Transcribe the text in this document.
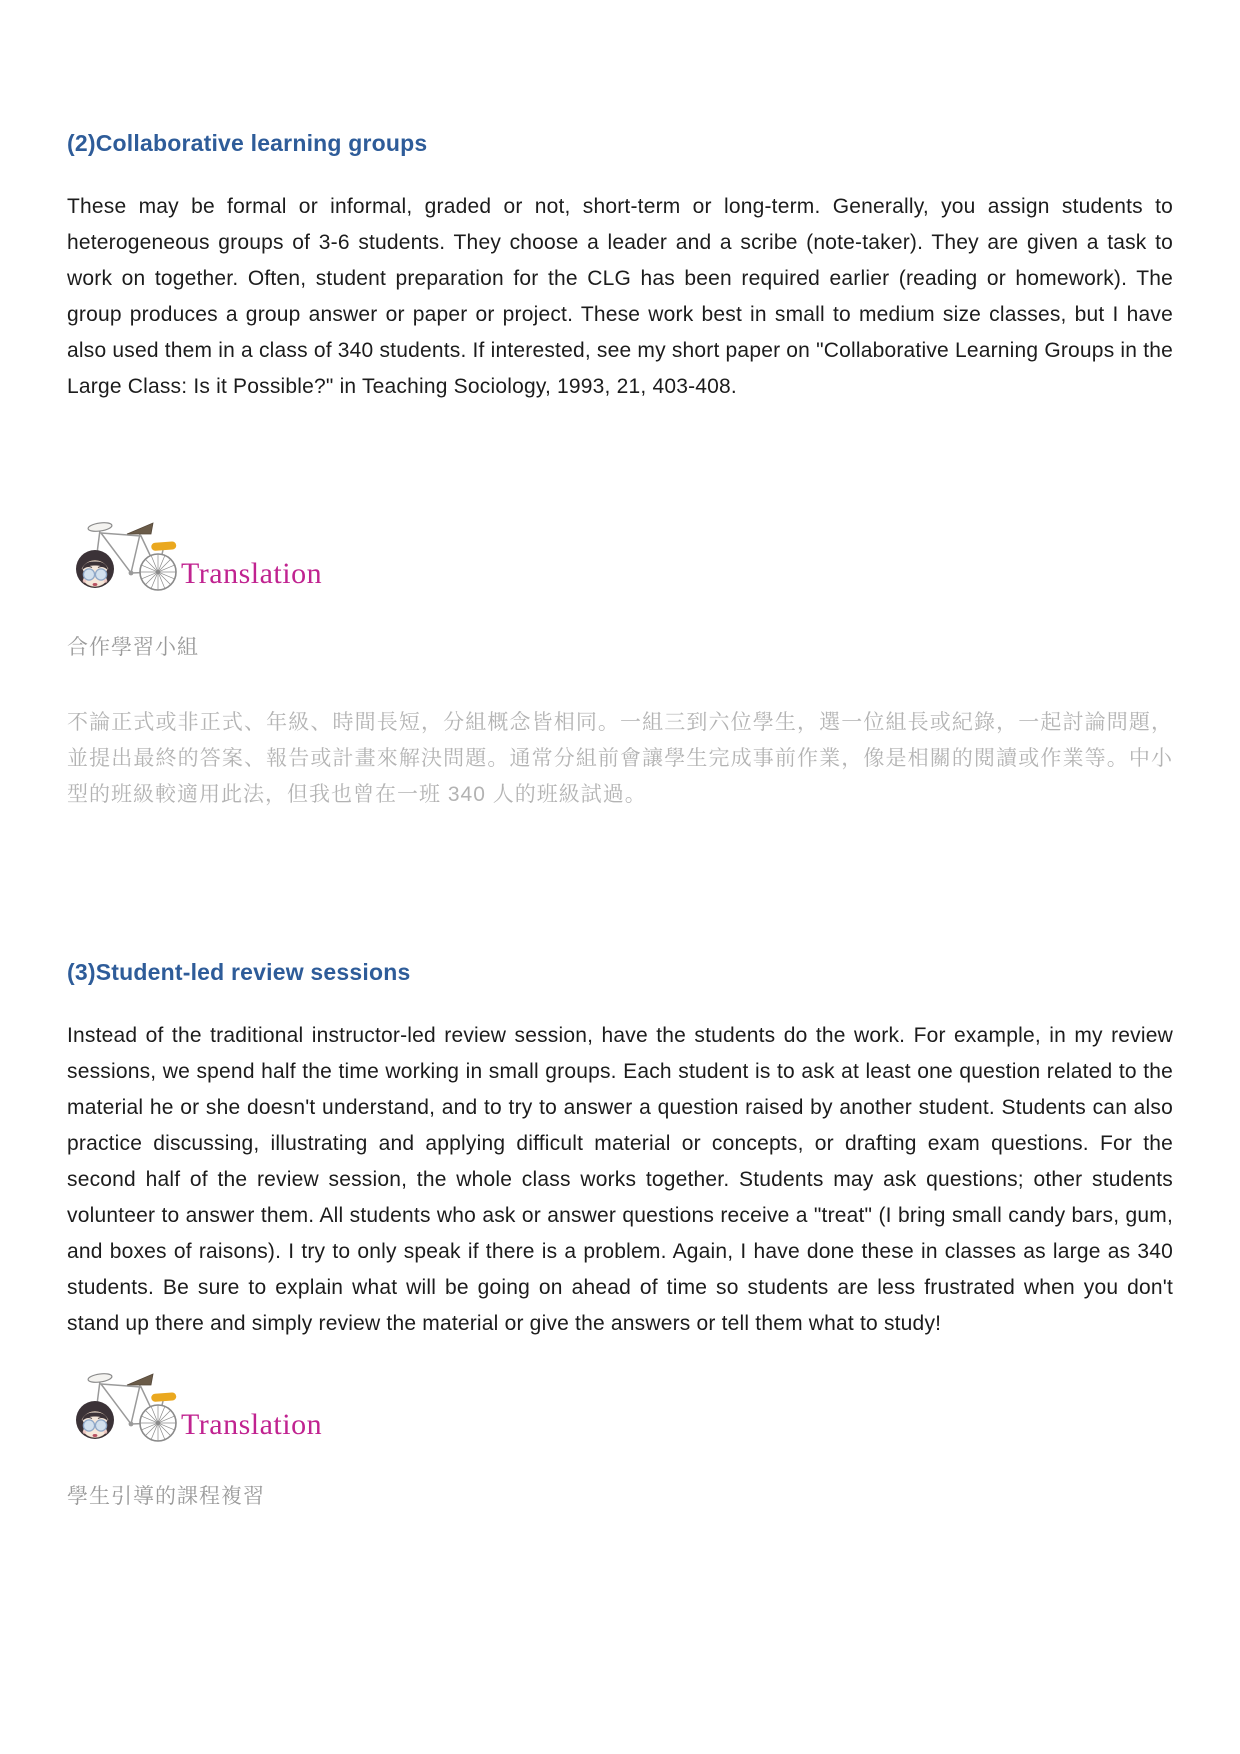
(2)Collaborative learning groups

These may be formal or informal, graded or not, short-term or long-term. Generally, you assign students to heterogeneous groups of 3-6 students. They choose a leader and a scribe (note-taker). They are given a task to work on together. Often, student preparation for the CLG has been required earlier (reading or homework). The group produces a group answer or paper or project. These work best in small to medium size classes, but I have also used them in a class of 340 students. If interested, see my short paper on "Collaborative Learning Groups in the Large Class: Is it Possible?" in Teaching Sociology, 1993, 21, 403-408.

Translation

合作學習小組

不論正式或非正式、年級、時間長短，分組概念皆相同。一組三到六位學生，選一位組長或紀錄，一起討論問題，並提出最終的答案、報告或計畫來解決問題。通常分組前會讓學生完成事前作業，像是相關的閱讀或作業等。中小型的班級較適用此法，但我也曾在一班 340 人的班級試過。

(3)Student-led review sessions

Instead of the traditional instructor-led review session, have the students do the work. For example, in my review sessions, we spend half the time working in small groups. Each student is to ask at least one question related to the material he or she doesn't understand, and to try to answer a question raised by another student. Students can also practice discussing, illustrating and applying difficult material or concepts, or drafting exam questions. For the second half of the review session, the whole class works together. Students may ask questions; other students volunteer to answer them. All students who ask or answer questions receive a "treat" (I bring small candy bars, gum, and boxes of raisons). I try to only speak if there is a problem. Again, I have done these in classes as large as 340 students. Be sure to explain what will be going on ahead of time so students are less frustrated when you don't stand up there and simply review the material or give the answers or tell them what to study!

Translation

學生引導的課程複習
